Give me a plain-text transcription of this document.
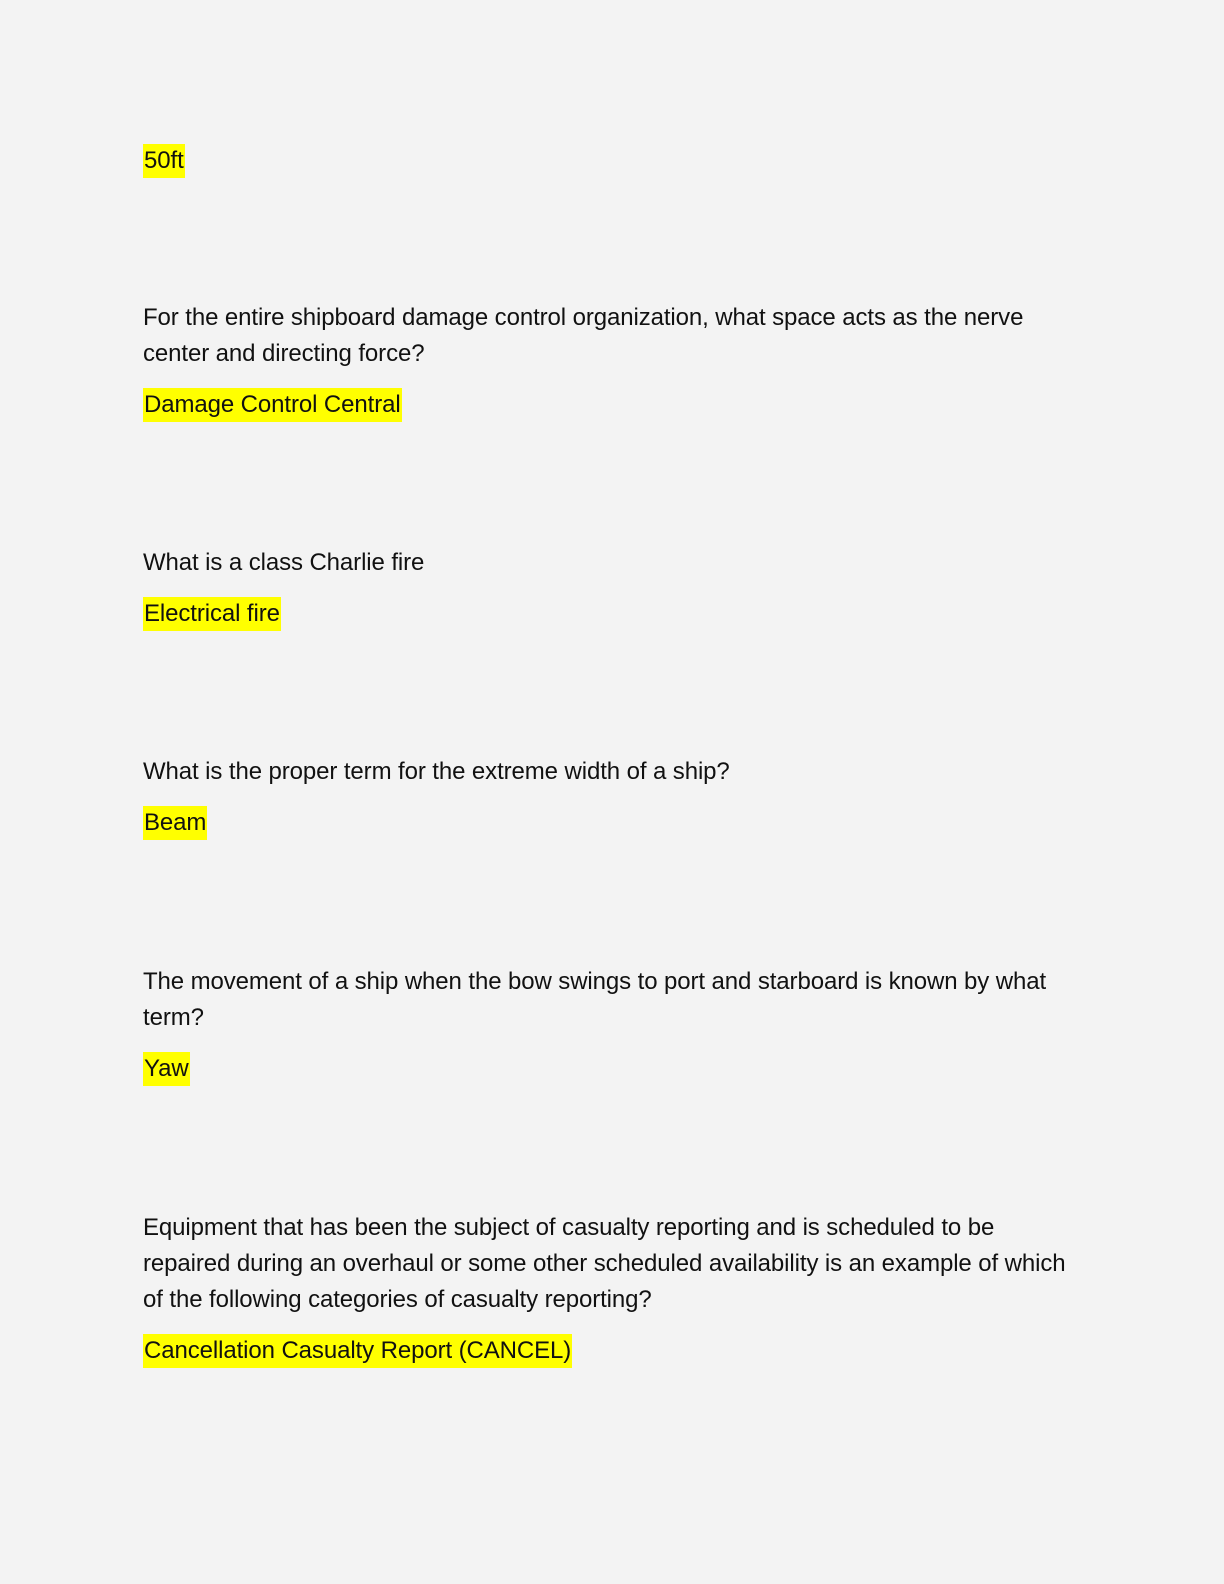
50ft

For the entire shipboard damage control organization, what space acts as the nerve center and directing force?

Damage Control Central

What is a class Charlie fire

Electrical fire

What is the proper term for the extreme width of a ship?

Beam

The movement of a ship when the bow swings to port and starboard is known by what term?

Yaw

Equipment that has been the subject of casualty reporting and is scheduled to be repaired during an overhaul or some other scheduled availability is an example of which of the following categories of casualty reporting?

Cancellation Casualty Report (CANCEL)
